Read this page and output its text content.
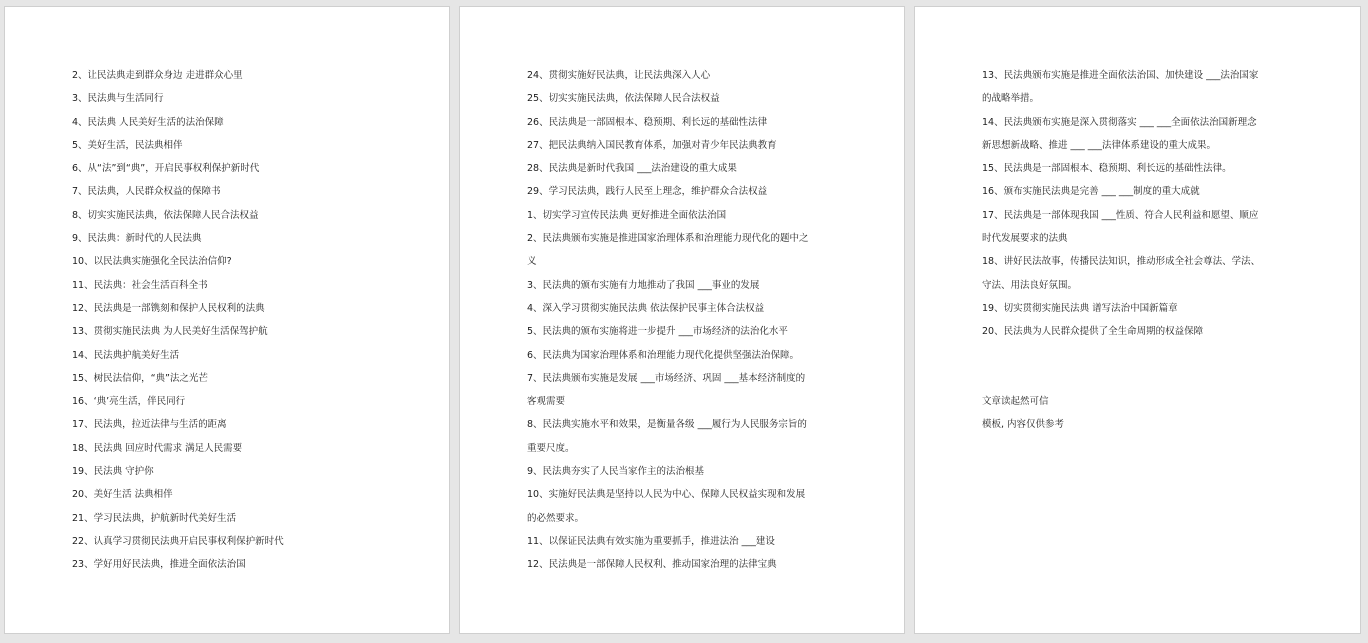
2、让民法典走到群众身边 走进群众心里
3、民法典与生活同行
4、民法典 人民美好生活的法治保障
5、美好生活，民法典相伴
6、从“法”到“典”，开启民事权利保护新时代
7、民法典，人民群众权益的保障书
8、切实实施民法典，依法保障人民合法权益
9、民法典：新时代的人民法典
10、以民法典实施强化全民法治信仰?
11、民法典：社会生活百科全书
12、民法典是一部镌刻和保护人民权利的法典
13、贯彻实施民法典 为人民美好生活保驾护航
14、民法典护航美好生活
15、树民法信仰，“典”法之光芒
16、‘典’亮生活，伴民同行
17、民法典，拉近法律与生活的距离
18、民法典 回应时代需求 满足人民需要
19、民法典 守护你
20、美好生活 法典相伴
21、学习民法典，护航新时代美好生活
22、认真学习贯彻民法典开启民事权利保护新时代
23、学好用好民法典，推进全面依法治国
24、贯彻实施好民法典，让民法典深入人心
25、切实实施民法典，依法保障人民合法权益
26、民法典是一部固根本、稳预期、利长远的基础性法律
27、把民法典纳入国民教育体系，加强对青少年民法典教育
28、民法典是新时代我国 ___法治建设的重大成果
29、学习民法典，践行人民至上理念，维护群众合法权益
1、切实学习宣传民法典 更好推进全面依法治国
2、民法典颁布实施是推进国家治理体系和治理能力现代化的题中之
义
3、民法典的颁布实施有力地推动了我国 ___事业的发展
4、深入学习贯彻实施民法典 依法保护民事主体合法权益
5、民法典的颁布实施将进一步提升 ___市场经济的法治化水平
6、民法典为国家治理体系和治理能力现代化提供坚强法治保障。
7、民法典颁布实施是发展 ___市场经济、巩固 ___基本经济制度的
客观需要
8、民法典实施水平和效果，是衡量各级 ___履行为人民服务宗旨的
重要尺度。
9、民法典夯实了人民当家作主的法治根基
10、实施好民法典是坚持以人民为中心、保障人民权益实现和发展
的必然要求。
11、以保证民法典有效实施为重要抓手，推进法治 ___建设
12、民法典是一部保障人民权利、推动国家治理的法律宝典
13、民法典颁布实施是推进全面依法治国、加快建设 ___法治国家
的战略举措。
14、民法典颁布实施是深入贯彻落实 ___ ___全面依法治国新理念
新思想新战略、推进 ___ ___法律体系建设的重大成果。
15、民法典是一部固根本、稳预期、利长远的基础性法律。
16、颁布实施民法典是完善 ___ ___制度的重大成就
17、民法典是一部体现我国 ___性质、符合人民利益和愿望、顺应
时代发展要求的法典
18、讲好民法故事，传播民法知识，推动形成全社会尊法、学法、
守法、用法良好氛围。
19、切实贯彻实施民法典 谱写法治中国新篇章
20、民法典为人民群众提供了全生命周期的权益保障
文章读起然可信
模板, 内容仅供参考
